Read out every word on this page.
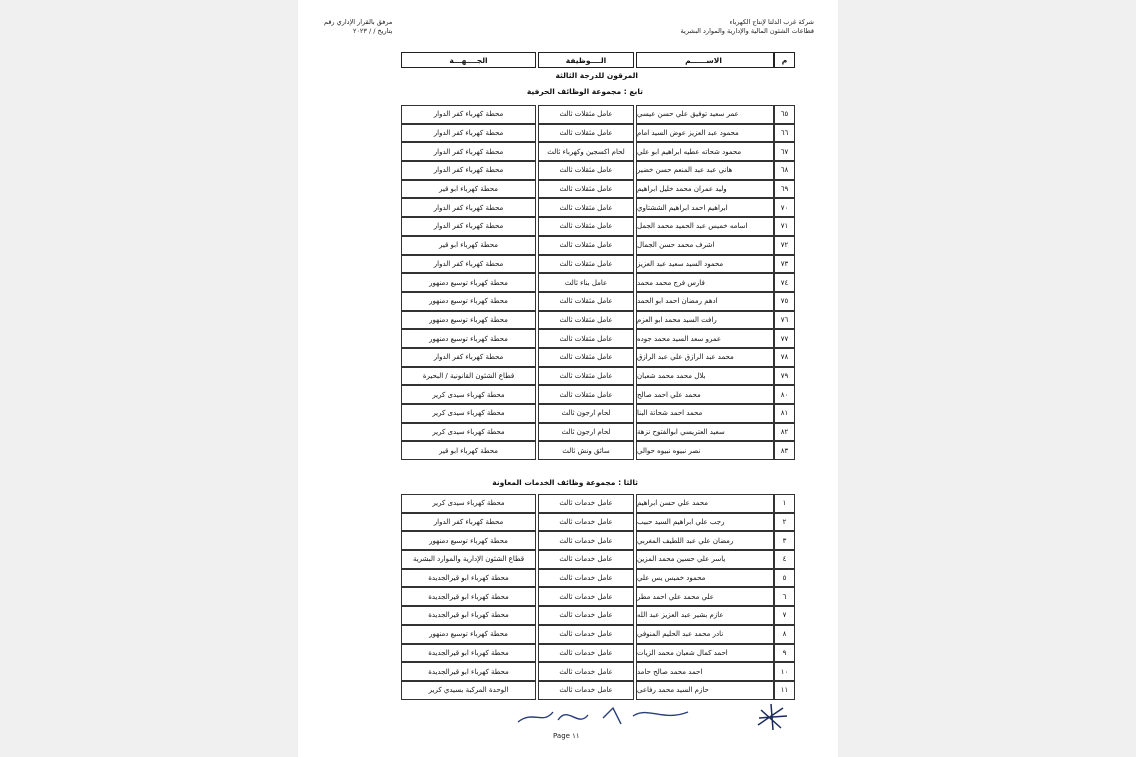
شركة غرب الدلتا لإنتاج الكهرباء
قطاعات الشئون المالية والإدارية والموارد البشرية
مرفق بالقرار الإداري رقم
بتاريخ / / ٢٠٢٣
م
الاســــــم
الــــوظيفة
الجــــهـــة
المرقون للدرجة الثالثة
تابع : مجموعة الوظائف الحرفية
٦٥
عمر سعيد توفيق علي حسن عيسي
عامل مثقلات ثالث
محطة كهرباء كفر الدوار
٦٦
محمود عبد العزيز عوض السيد امام
عامل مثقلات ثالث
محطة كهرباء كفر الدوار
٦٧
محمود شحاته عطيه ابراهيم ابو علي
لحام اكسجين وكهرباء ثالث
محطة كهرباء كفر الدوار
٦٨
هاني عبد عبد المنعم حسن خضير
عامل مثقلات ثالث
محطة كهرباء كفر الدوار
٦٩
وليد عمران محمد خليل ابراهيم
عامل مثقلات ثالث
محطة كهرباء ابو قير
٧٠
ابراهيم احمد ابراهيم الششتاوي
عامل مثقلات ثالث
محطة كهرباء كفر الدوار
٧١
اسامه خميس عبد الحميد محمد الجمل
عامل مثقلات ثالث
محطة كهرباء كفر الدوار
٧٢
اشرف محمد حسن الجمال
عامل مثقلات ثالث
محطة كهرباء ابو قير
٧٣
محمود السيد سعيد عبد العزيز
عامل مثقلات ثالث
محطة كهرباء كفر الدوار
٧٤
فارس فرج محمد محمد
عامل بناء ثالث
محطة كهرباء توسيع دمنهور
٧٥
ادهم رمضان احمد ابو الحمد
عامل مثقلات ثالث
محطة كهرباء توسيع دمنهور
٧٦
رافت السيد محمد ابو العزم
عامل مثقلات ثالث
محطة كهرباء توسيع دمنهور
٧٧
عمرو سعد السيد محمد جوده
عامل مثقلات ثالث
محطة كهرباء توسيع دمنهور
٧٨
محمد عبد الرازق علي عبد الرازق
عامل مثقلات ثالث
محطة كهرباء كفر الدوار
٧٩
بلال محمد محمد شعبان
عامل مثقلات ثالث
قطاع الشئون القانونية / البحيرة
٨٠
محمد علي احمد صالح
عامل مثقلات ثالث
محطة كهرباء سيدى كرير
٨١
محمد احمد شحاتة البنا
لحام ارجون ثالث
محطة كهرباء سيدى كرير
٨٢
سعيد العتريسي ابوالفتوح نزهة
لحام ارجون ثالث
محطة كهرباء سيدى كرير
٨٣
نصر نبيوه نبيوه حوالي
سائق ونش ثالث
محطة كهرباء ابو قير
ثالثا : مجموعة وظائف الخدمات المعاونة
١
محمد علي حسن ابراهيم
عامل خدمات ثالث
محطة كهرباء سيدى كرير
٢
رجب علي ابراهيم السيد حبيب
عامل خدمات ثالث
محطة كهرباء كفر الدوار
٣
رمضان علي عبد اللطيف المغربي
عامل خدمات ثالث
محطة كهرباء توسيع دمنهور
٤
ياسر علي حسين محمد المزين
عامل خدمات ثالث
قطاع الشئون الإدارية والموارد البشرية
٥
محمود خميس يس علي
عامل خدمات ثالث
محطة كهرباء ابو قيرالجديدة
٦
علي محمد علي احمد مطر
عامل خدمات ثالث
محطة كهرباء ابو قيرالجديدة
٧
عازم بشير عبد العزيز عبد الله
عامل خدمات ثالث
محطة كهرباء ابو قيرالجديدة
٨
نادر محمد عبد الحليم المنوفي
عامل خدمات ثالث
محطة كهرباء توسيع دمنهور
٩
احمد كمال شعبان محمد الزيات
عامل خدمات ثالث
محطة كهرباء ابو قيرالجديدة
١٠
احمد محمد صالح حامد
عامل خدمات ثالث
محطة كهرباء ابو قيرالجديدة
١١
حازم السيد محمد رفاعى
عامل خدمات ثالث
الوحدة المركبة بسيدي كرير
Page ١١
